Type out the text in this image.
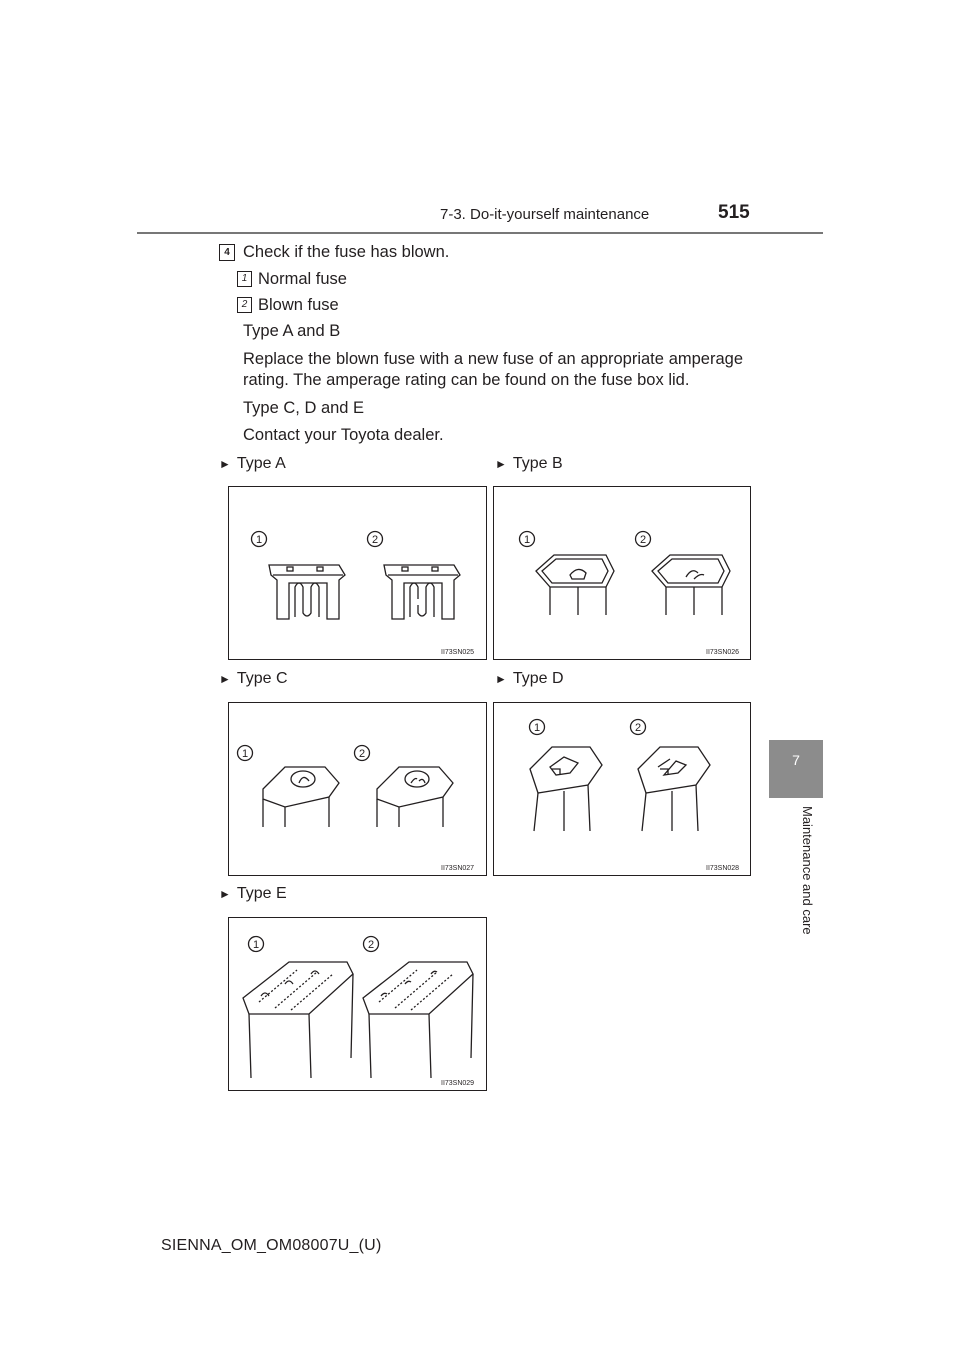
7-3. Do-it-yourself maintenance	515
7
Maintenance and care
4 Check if the fuse has blown.
1 Normal fuse
2 Blown fuse
Type A and B
Replace the blown fuse with a new fuse of an appropriate amperage rating. The amperage rating can be found on the fuse box lid.
Type C, D and E
Contact your Toyota dealer.
► Type A	► Type B
► Type C	► Type D
► Type E
1	2
II73SN025
1	2
II73SN026
1	2
II73SN027
1	2
II73SN028
1	2
II73SN029
SIENNA_OM_OM08007U_(U)
